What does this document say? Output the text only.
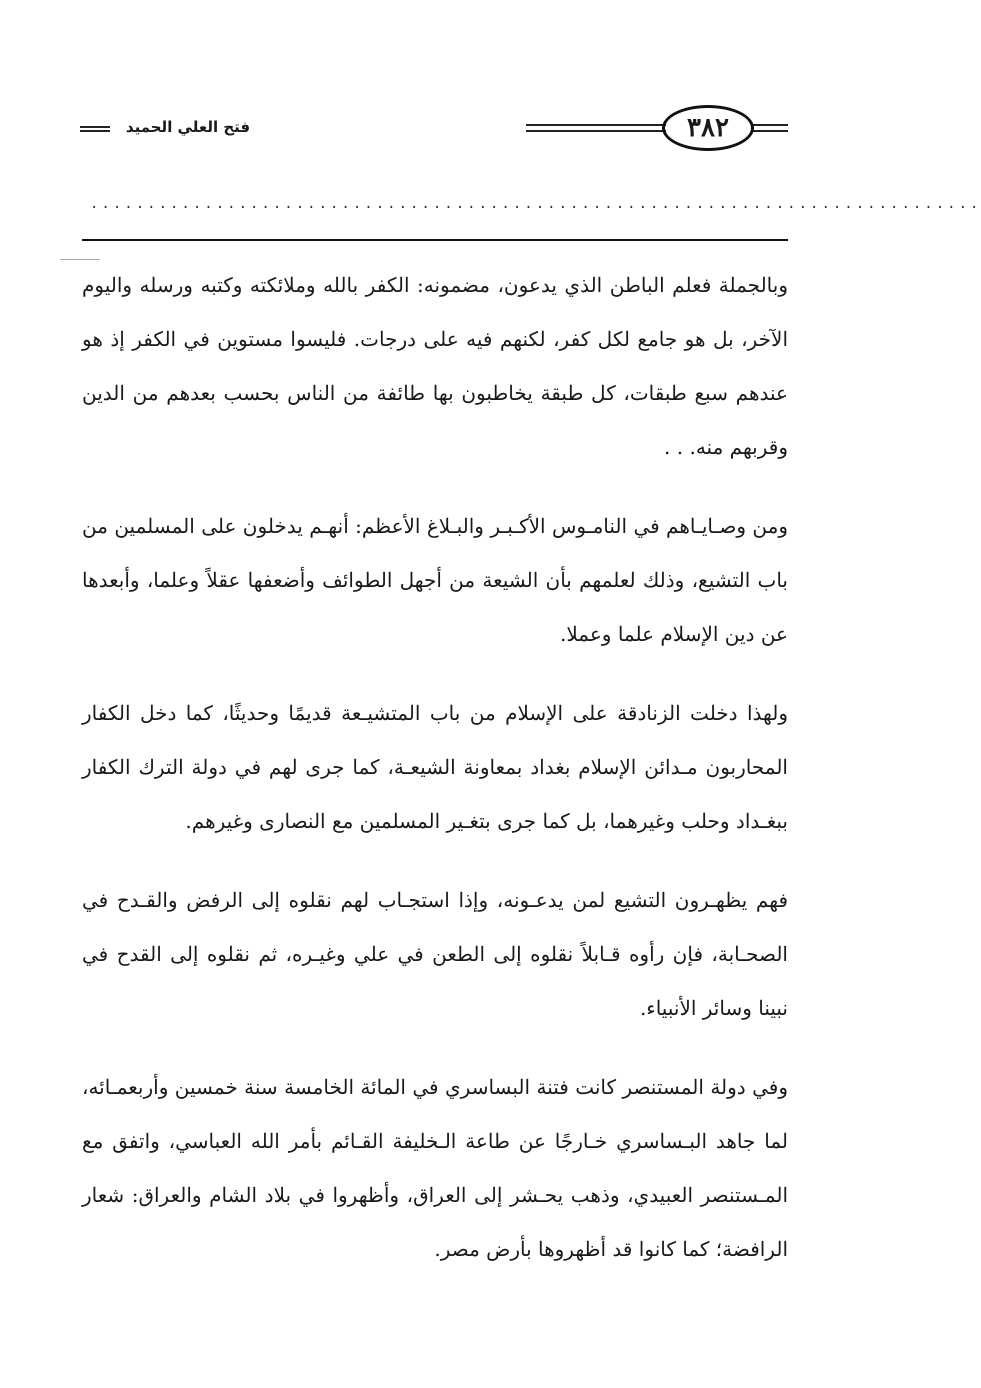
فتح العلي الحميد	٣٨٢
..............................................................................

وبالجملة فعلم الباطن الذي يدعون، مضمونه: الكفر بالله وملائكته وكتبه ورسله واليوم الآخر، بل هو جامع لكل كفر، لكنهم فيه على درجات. فليسوا مستوين في الكفر إذ هو عندهم سبع طبقات، كل طبقة يخاطبون بها طائفة من الناس بحسب بعدهم من الدين وقربهم منه. . .

ومن وصـايـاهم في النامـوس الأكـبـر والبـلاغ الأعظم: أنهـم يدخلون على المسلمين من باب التشيع، وذلك لعلمهم بأن الشيعة من أجهل الطوائف وأضعفها عقلاً وعلما، وأبعدها عن دين الإسلام علما وعملا.

ولهذا دخلت الزنادقة على الإسلام من باب المتشيـعة قديمًا وحديثًا، كما دخل الكفار المحاربون مـدائن الإسلام بغداد بمعاونة الشيعـة، كما جرى لهم في دولة الترك الكفار ببغـداد وحلب وغيرهما، بل كما جرى بتغـير المسلمين مع النصارى وغيرهم.

فهم يظهـرون التشيع لمن يدعـونه، وإذا استجـاب لهم نقلوه إلى الرفض والقـدح في الصحـابة، فإن رأوه قـابلاً نقلوه إلى الطعن في علي وغيـره، ثم نقلوه إلى القدح في نبينا وسائر الأنبياء.

وفي دولة المستنصر كانت فتنة البساسري في المائة الخامسة سنة خمسين وأربعمـائه، لما جاهد البـساسري خـارجًا عن طاعة الـخليفة القـائم بأمر الله العباسي، واتفق مع المـستنصر العبيدي، وذهب يحـشر إلى العراق، وأظهروا في بلاد الشام والعراق: شعار الرافضة؛ كما كانوا قد أظهروها بأرض مصر.
